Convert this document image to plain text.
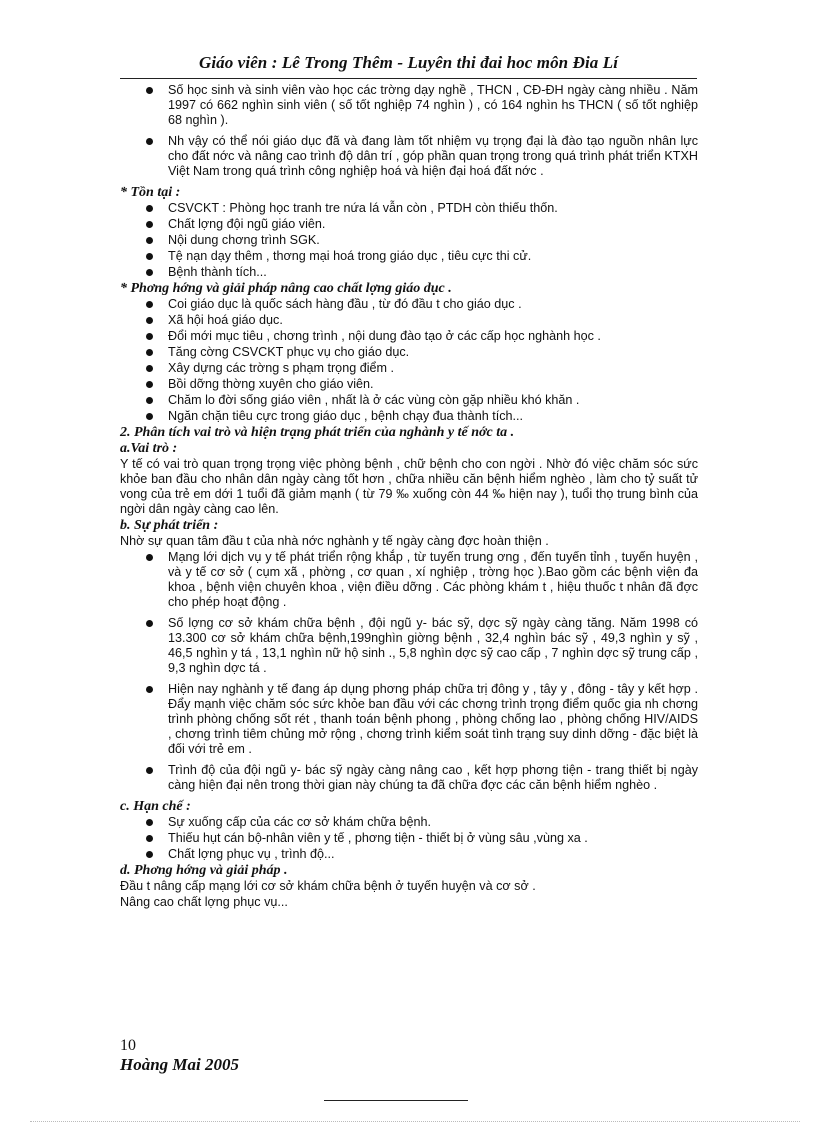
Giáo viên : Lê Trong Thêm - Luyên thi đai hoc môn Đia Lí
Số học sinh và sinh viên vào học các trờng dạy nghề , THCN , CĐ-ĐH ngày càng nhiều . Năm 1997 có 662 nghìn sinh viên ( số tốt nghiệp 74 nghìn ) , có 164 nghìn hs THCN ( số tốt nghiệp 68 nghìn ).
Nh vậy có thể nói giáo dục đã và đang làm tốt nhiệm vụ trọng đại là đào tạo nguồn nhân lực cho đất nớc và nâng cao trình độ dân trí , góp phần quan trọng trong quá trình phát triển KTXH Việt Nam trong quá trình công nghiệp hoá và hiện đại hoá đất nớc .

* Tồn tại :

CSVCKT : Phòng học tranh tre nứa lá vẫn còn , PTDH còn thiếu thốn.
Chất lợng đội ngũ giáo viên.
Nội dung chơng trình SGK.
Tệ nạn dạy thêm , thơng mại hoá trong giáo dục , tiêu cực thi cử.
Bệnh thành tích...

* Phơng hớng và giải pháp nâng cao chất lợng giáo dục .

Coi giáo dục là quốc sách hàng đầu , từ đó đầu t cho giáo dục .
Xã hội hoá giáo dục.
Đổi mới mục tiêu , chơng trình , nội dung đào tạo ở các cấp học nghành học .
Tăng cờng CSVCKT phục vụ cho giáo dục.
Xây dựng các trờng s phạm trọng điểm .
Bồi dỡng thờng xuyên cho giáo viên.
Chăm lo đời sống giáo viên , nhất là ở các vùng còn gặp nhiều khó khăn .
Ngăn chặn tiêu cực trong giáo dục , bệnh chạy đua thành tích...

2. Phân tích vai trò và hiện trạng phát triển của nghành y tế nớc ta .

a.Vai trò :

Y tế có vai trò quan trọng trọng việc phòng bệnh , chữ bệnh cho con ngời . Nhờ đó việc chăm sóc sức khỏe ban đầu cho nhân dân ngày càng tốt hơn , chữa nhiều căn bệnh hiểm nghèo , làm cho tỷ suất tử vong của trẻ em dới 1 tuổi đã giảm mạnh ( từ 79 ‰ xuống còn 44 ‰ hiện nay ), tuổi thọ trung bình của ngời dân ngày càng cao lên.

b. Sự phát triển :

Nhờ sự quan tâm đầu t của nhà nớc nghành y tế ngày càng đợc hoàn thiện .

Mạng lới dịch vụ y tế phát triển rộng khắp , từ tuyến trung ơng , đến tuyến tỉnh , tuyến huyện , và y tế cơ sở ( cụm xã , phờng , cơ quan , xí nghiệp , trờng học ).Bao gồm các bệnh viện đa khoa , bệnh viện chuyên khoa , viện điều dỡng . Các phòng khám t , hiệu thuốc t nhân đã đợc cho phép hoạt động .
Số lợng cơ sở khám chữa bệnh , đội ngũ y- bác sỹ, dợc sỹ ngày càng tăng. Năm 1998 có 13.300 cơ sở khám chữa bệnh,199nghìn giờng bệnh , 32,4 nghìn bác sỹ , 49,3 nghìn y sỹ , 46,5 nghìn y tá , 13,1 nghìn nữ hộ sinh ., 5,8 nghìn dợc sỹ cao cấp , 7 nghìn dợc sỹ trung cấp , 9,3 nghìn dợc tá .
Hiện nay nghành y tế đang áp dụng phơng pháp chữa trị đông y , tây y , đông - tây y kết hợp . Đẩy mạnh việc chăm sóc sức khỏe ban đầu với các chơng trình trọng điểm quốc gia nh chơng trình phòng chống sốt rét , thanh toán bệnh phong , phòng chống lao , phòng chống HIV/AIDS , chơng trình tiêm chủng mở rộng , chơng trình kiểm soát tình trạng suy dinh dỡng - đặc biệt là đối với trẻ em .
Trình độ của đội ngũ y- bác sỹ ngày càng nâng cao , kết hợp phơng tiện - trang thiết bị ngày càng hiện đại nên trong thời gian này chúng ta đã chữa đợc các căn bệnh hiểm nghèo .

c. Hạn chế :

Sự xuống cấp của các cơ sở khám chữa bệnh.
Thiếu hụt cán bộ-nhân viên y tế , phơng tiện - thiết bị ở vùng sâu ,vùng xa .
Chất lợng phục vụ , trình độ...

d. Phơng hớng và giải pháp .

Đầu t nâng cấp mạng lới cơ sở khám chữa bệnh ở tuyến huyện và cơ sở .

Nâng cao chất lợng phục vụ...

10
Hoàng Mai 2005
